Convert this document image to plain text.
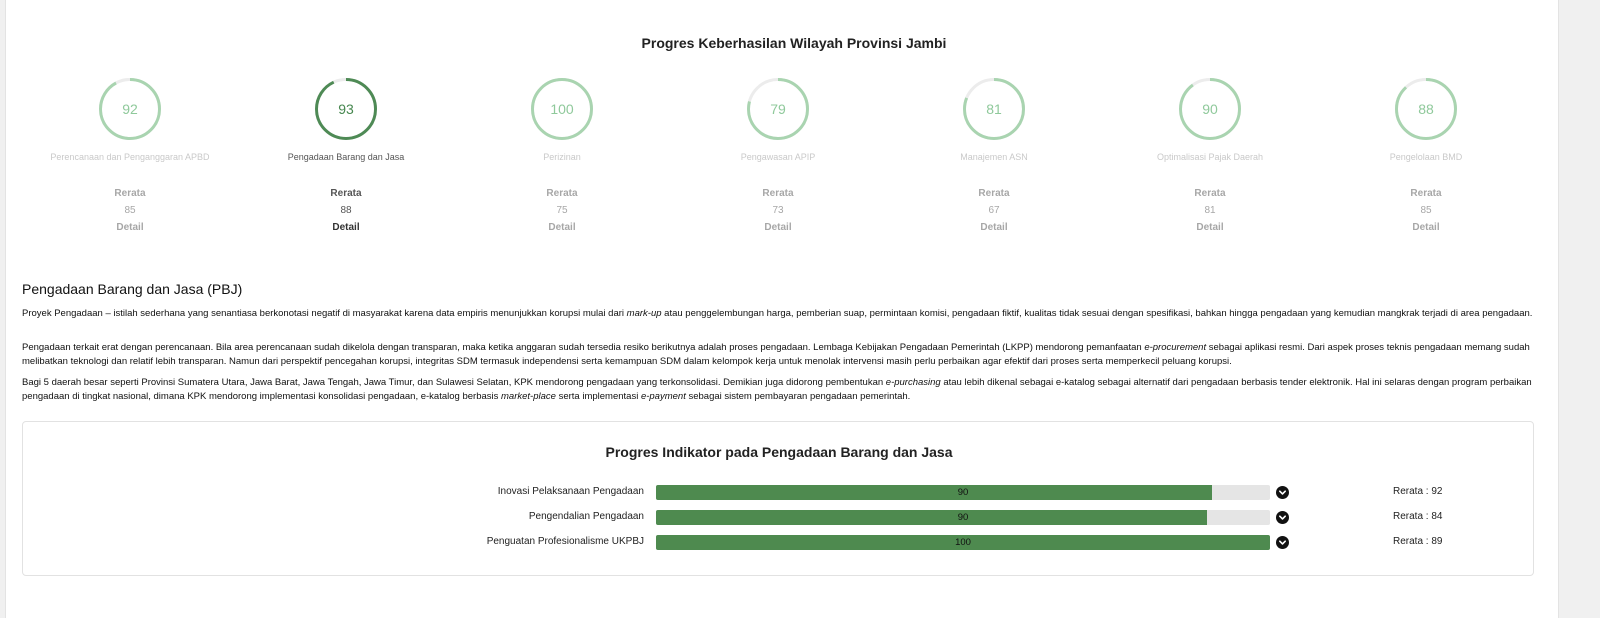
Progres Keberhasilan Wilayah Provinsi Jambi
92
Perencanaan dan Penganggaran APBD
Rerata
85
Detail
93
Pengadaan Barang dan Jasa
Rerata
88
Detail
100
Perizinan
Rerata
75
Detail
79
Pengawasan APIP
Rerata
73
Detail
81
Manajemen ASN
Rerata
67
Detail
90
Optimalisasi Pajak Daerah
Rerata
81
Detail
88
Pengelolaan BMD
Rerata
85
Detail
Pengadaan Barang dan Jasa (PBJ)

Proyek Pengadaan – istilah sederhana yang senantiasa berkonotasi negatif di masyarakat karena data empiris menunjukkan korupsi mulai dari mark-up atau penggelembungan harga, pemberian suap, permintaan komisi, pengadaan fiktif, kualitas tidak sesuai dengan spesifikasi, bahkan hingga pengadaan yang kemudian mangkrak terjadi di area pengadaan.

Pengadaan terkait erat dengan perencanaan. Bila area perencanaan sudah dikelola dengan transparan, maka ketika anggaran sudah tersedia resiko berikutnya adalah proses pengadaan. Lembaga Kebijakan Pengadaan Pemerintah (LKPP) mendorong pemanfaatan e-procurement sebagai aplikasi resmi. Dari aspek proses teknis pengadaan memang sudah melibatkan teknologi dan relatif lebih transparan. Namun dari perspektif pencegahan korupsi, integritas SDM termasuk independensi serta kemampuan SDM dalam kelompok kerja untuk menolak intervensi masih perlu perbaikan agar efektif dari proses serta memperkecil peluang korupsi.

Bagi 5 daerah besar seperti Provinsi Sumatera Utara, Jawa Barat, Jawa Tengah, Jawa Timur, dan Sulawesi Selatan, KPK mendorong pengadaan yang terkonsolidasi. Demikian juga didorong pembentukan e-purchasing atau lebih dikenal sebagai e-katalog sebagai alternatif dari pengadaan berbasis tender elektronik. Hal ini selaras dengan program perbaikan pengadaan di tingkat nasional, dimana KPK mendorong implementasi konsolidasi pengadaan, e-katalog berbasis market-place serta implementasi e-payment sebagai sistem pembayaran pengadaan pemerintah.

Progres Indikator pada Pengadaan Barang dan Jasa
Inovasi Pelaksanaan Pengadaan	90	Rerata : 92
Pengendalian Pengadaan	90	Rerata : 84
Penguatan Profesionalisme UKPBJ	100	Rerata : 89
